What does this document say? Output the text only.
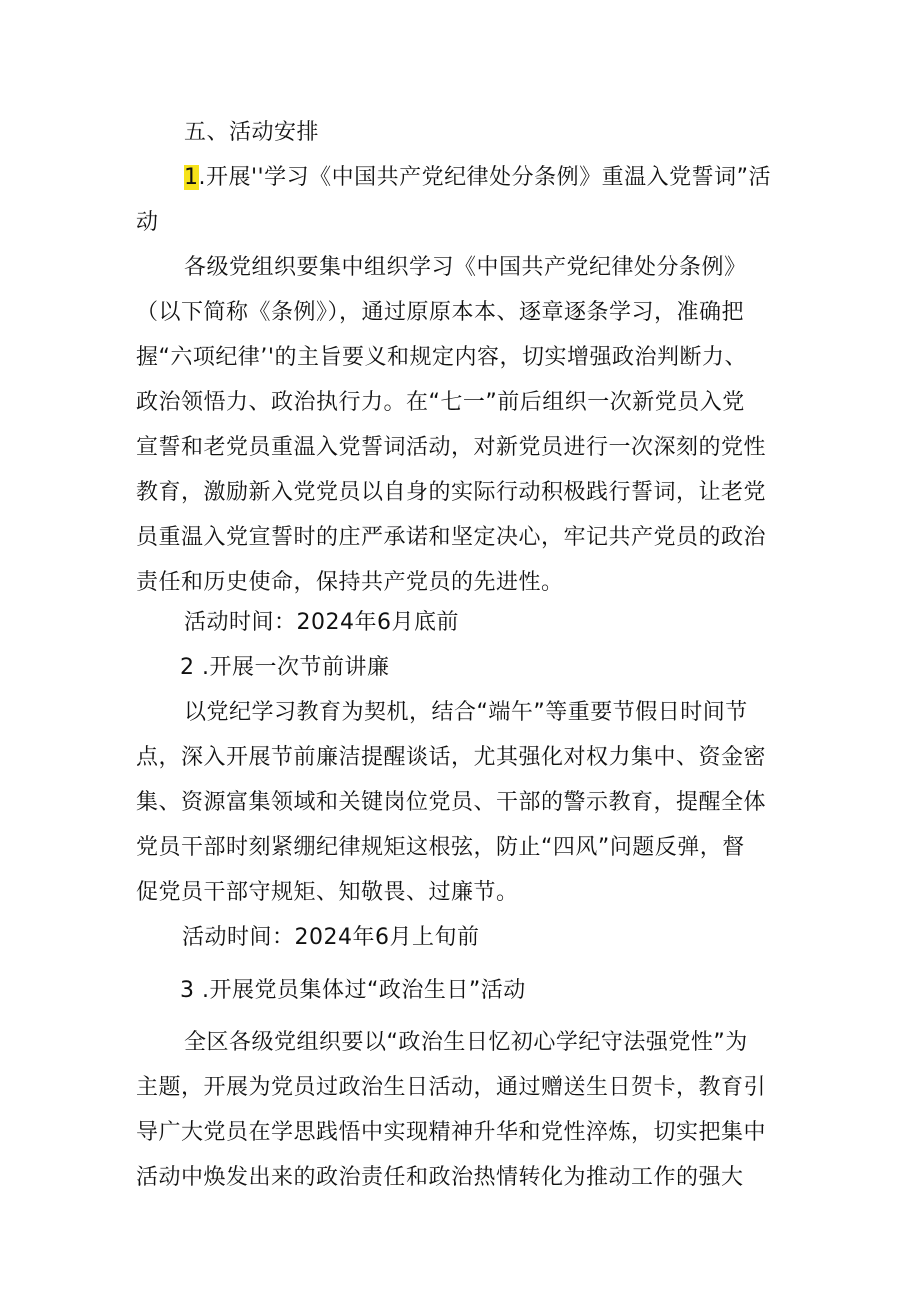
五、活动安排
1.开展''学习《中国共产党纪律处分条例》重温入党誓词”活
动
各级党组织要集中组织学习《中国共产党纪律处分条例》
（以下简称《条例》），通过原原本本、逐章逐条学习，准确把
握“六项纪律’'的主旨要义和规定内容，切实增强政治判断力、
政治领悟力、政治执行力。在“七一”前后组织一次新党员入党
宣誓和老党员重温入党誓词活动，对新党员进行一次深刻的党性
教育，激励新入党党员以自身的实际行动积极践行誓词，让老党
员重温入党宣誓时的庄严承诺和坚定决心，牢记共产党员的政治
责任和历史使命，保持共产党员的先进性。
活动时间：2024年6月底前
2 .开展一次节前讲廉
以党纪学习教育为契机，结合“端午”等重要节假日时间节
点，深入开展节前廉洁提醒谈话，尤其强化对权力集中、资金密
集、资源富集领域和关键岗位党员、干部的警示教育，提醒全体
党员干部时刻紧绷纪律规矩这根弦，防止“四风”问题反弹，督
促党员干部守规矩、知敬畏、过廉节。
活动时间：2024年6月上旬前
3 .开展党员集体过“政治生日”活动
全区各级党组织要以“政治生日忆初心学纪守法强党性”为
主题，开展为党员过政治生日活动，通过赠送生日贺卡，教育引
导广大党员在学思践悟中实现精神升华和党性淬炼，切实把集中
活动中焕发出来的政治责任和政治热情转化为推动工作的强大
